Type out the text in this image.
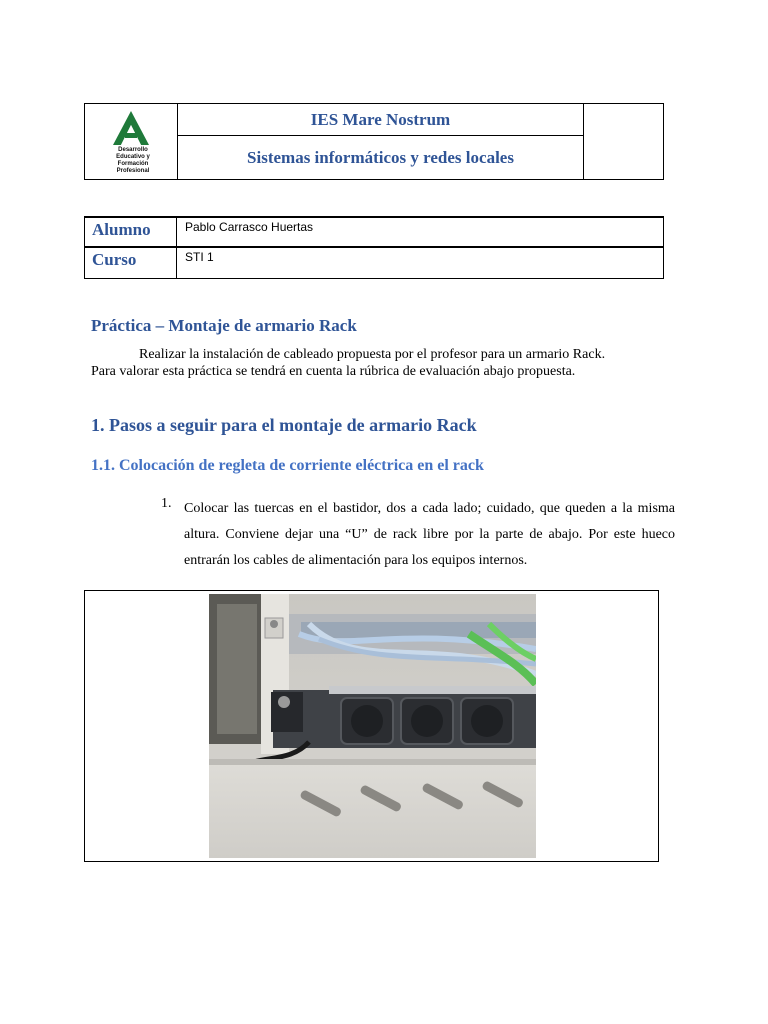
Desarrollo
Educativo y
Formación
Profesional
IES Mare Nostrum
Sistemas informáticos y redes locales
Alumno	Pablo Carrasco Huertas
Curso	STI 1
Práctica – Montaje de armario Rack
Realizar la instalación de cableado propuesta por el profesor para un armario Rack.
Para valorar esta práctica se tendrá en cuenta la rúbrica de evaluación abajo propuesta.
1. Pasos a seguir para el montaje de armario Rack
1.1. Colocación de regleta de corriente eléctrica en el rack
1. Colocar las tuercas en el bastidor, dos a cada lado; cuidado, que queden a la misma altura. Conviene dejar una “U” de rack libre por la parte de abajo. Por este hueco entrarán los cables de alimentación para los equipos internos.
